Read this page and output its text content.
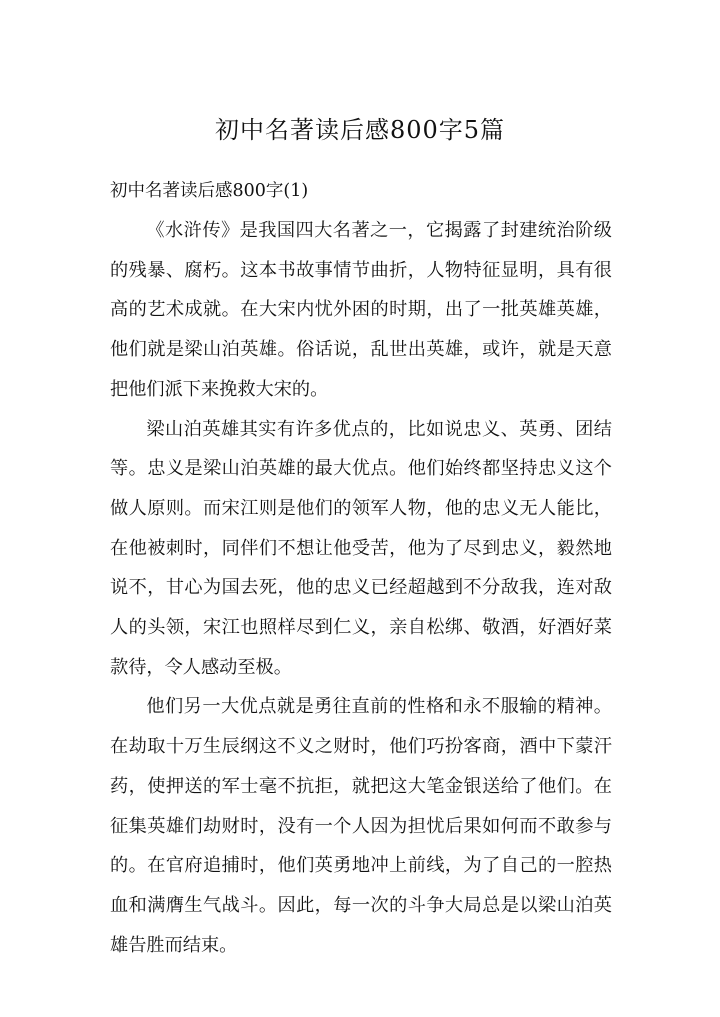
初中名著读后感800字5篇
初中名著读后感800字(1)

《水浒传》是我国四大名著之一，它揭露了封建统治阶级的残暴、腐朽。这本书故事情节曲折，人物特征显明，具有很高的艺术成就。在大宋内忧外困的时期，出了一批英雄英雄，他们就是梁山泊英雄。俗话说，乱世出英雄，或许，就是天意把他们派下来挽救大宋的。

梁山泊英雄其实有许多优点的，比如说忠义、英勇、团结等。忠义是梁山泊英雄的最大优点。他们始终都坚持忠义这个做人原则。而宋江则是他们的领军人物，他的忠义无人能比，在他被刺时，同伴们不想让他受苦，他为了尽到忠义，毅然地说不，甘心为国去死，他的忠义已经超越到不分敌我，连对敌人的头领，宋江也照样尽到仁义，亲自松绑、敬酒，好酒好菜款待，令人感动至极。

他们另一大优点就是勇往直前的性格和永不服输的精神。在劫取十万生辰纲这不义之财时，他们巧扮客商，酒中下蒙汗药，使押送的军士毫不抗拒，就把这大笔金银送给了他们。在征集英雄们劫财时，没有一个人因为担忧后果如何而不敢参与的。在官府追捕时，他们英勇地冲上前线，为了自己的一腔热血和满膺生气战斗。因此，每一次的斗争大局总是以梁山泊英雄告胜而结束。
